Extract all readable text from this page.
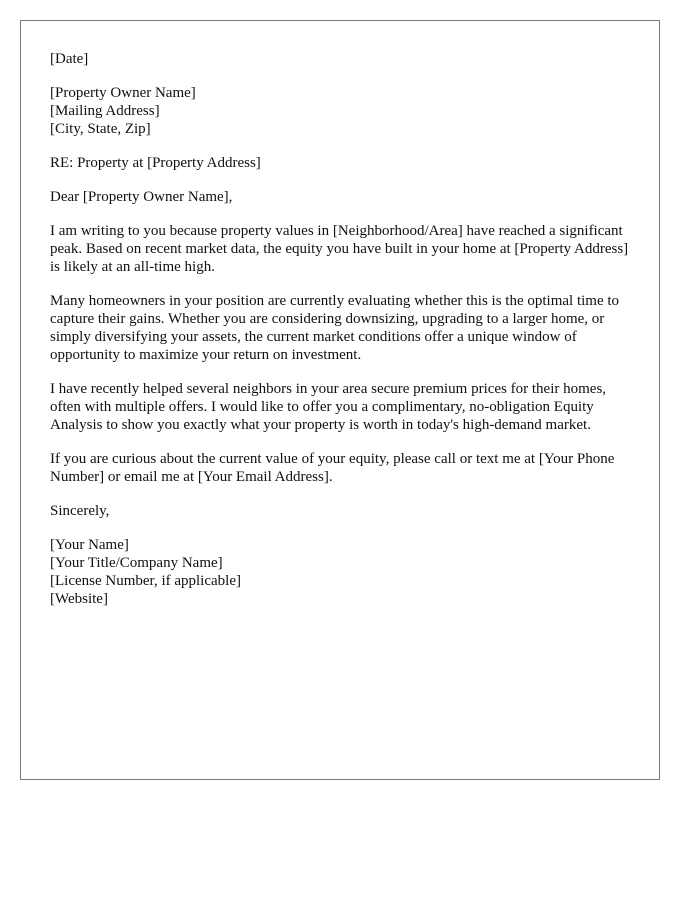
[Date]
[Property Owner Name]
[Mailing Address]
[City, State, Zip]
RE: Property at [Property Address]
Dear [Property Owner Name],

I am writing to you because property values in [Neighborhood/Area] have reached a significant peak. Based on recent market data, the equity you have built in your home at [Property Address] is likely at an all-time high.

Many homeowners in your position are currently evaluating whether this is the optimal time to capture their gains. Whether you are considering downsizing, upgrading to a larger home, or simply diversifying your assets, the current market conditions offer a unique window of opportunity to maximize your return on investment.

I have recently helped several neighbors in your area secure premium prices for their homes, often with multiple offers. I would like to offer you a complimentary, no-obligation Equity Analysis to show you exactly what your property is worth in today's high-demand market.

If you are curious about the current value of your equity, please call or text me at [Your Phone Number] or email me at [Your Email Address].

Sincerely,
[Your Name]
[Your Title/Company Name]
[License Number, if applicable]
[Website]
